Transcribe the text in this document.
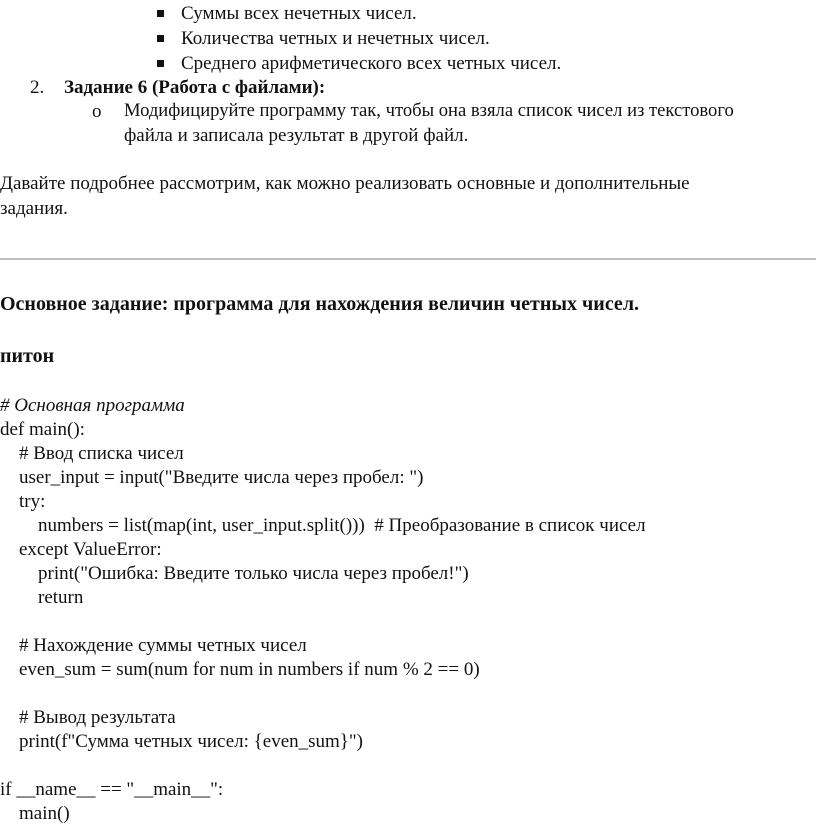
Суммы всех нечетных чисел.
Количества четных и нечетных чисел.
Среднего арифметического всех четных чисел.
2. Задание 6 (Работа с файлами):
o Модифицируйте программу так, чтобы она взяла список чисел из текстового
файла и записала результат в другой файл.
Давайте подробнее рассмотрим, как можно реализовать основные и дополнительные
задания.
Основное задание: программа для нахождения величин четных чисел.
питон
# Основная программа
def main():
# Ввод списка чисел
user_input = input("Введите числа через пробел: ")
try:
numbers = list(map(int, user_input.split()))  # Преобразование в список чисел
except ValueError:
print("Ошибка: Введите только числа через пробел!")
return
# Нахождение суммы четных чисел
even_sum = sum(num for num in numbers if num % 2 == 0)
# Вывод результата
print(f"Сумма четных чисел: {even_sum}")
if __name__ == "__main__":
main()
